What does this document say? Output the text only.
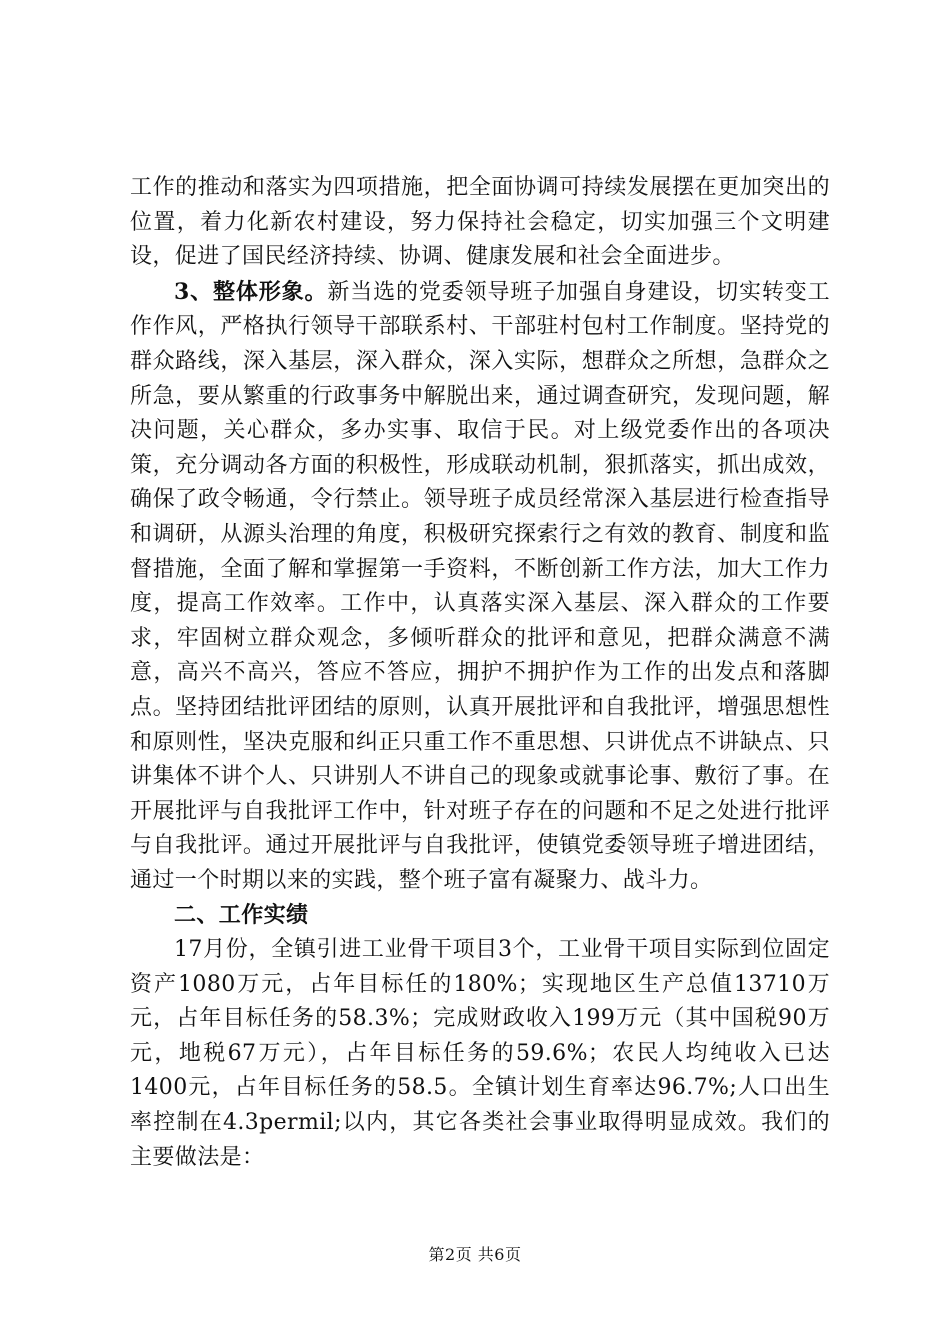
工作的推动和落实为四项措施，把全面协调可持续发展摆在更加突出的位置，着力化新农村建设，努力保持社会稳定，切实加强三个文明建设，促进了国民经济持续、协调、健康发展和社会全面进步。

3、整体形象。新当选的党委领导班子加强自身建设，切实转变工作作风，严格执行领导干部联系村、干部驻村包村工作制度。坚持党的群众路线，深入基层，深入群众，深入实际，想群众之所想，急群众之所急，要从繁重的行政事务中解脱出来，通过调查研究，发现问题，解决问题，关心群众，多办实事、取信于民。对上级党委作出的各项决策，充分调动各方面的积极性，形成联动机制，狠抓落实，抓出成效，确保了政令畅通，令行禁止。领导班子成员经常深入基层进行检查指导和调研，从源头治理的角度，积极研究探索行之有效的教育、制度和监督措施，全面了解和掌握第一手资料，不断创新工作方法，加大工作力度，提高工作效率。工作中，认真落实深入基层、深入群众的工作要求，牢固树立群众观念，多倾听群众的批评和意见，把群众满意不满意，高兴不高兴，答应不答应，拥护不拥护作为工作的出发点和落脚点。坚持团结批评团结的原则，认真开展批评和自我批评，增强思想性和原则性，坚决克服和纠正只重工作不重思想、只讲优点不讲缺点、只讲集体不讲个人、只讲别人不讲自己的现象或就事论事、敷衍了事。在开展批评与自我批评工作中，针对班子存在的问题和不足之处进行批评与自我批评。通过开展批评与自我批评，使镇党委领导班子增进团结，通过一个时期以来的实践，整个班子富有凝聚力、战斗力。

二、工作实绩

17月份，全镇引进工业骨干项目3个，工业骨干项目实际到位固定资产1080万元，占年目标任的180%；实现地区生产总值13710万元，占年目标任务的58.3%；完成财政收入199万元（其中国税90万元，地税67万元），占年目标任务的59.6%；农民人均纯收入已达1400元，占年目标任务的58.5。全镇计划生育率达96.7%;人口出生率控制在4.3permil;以内，其它各类社会事业取得明显成效。我们的主要做法是：

第2页 共6页
